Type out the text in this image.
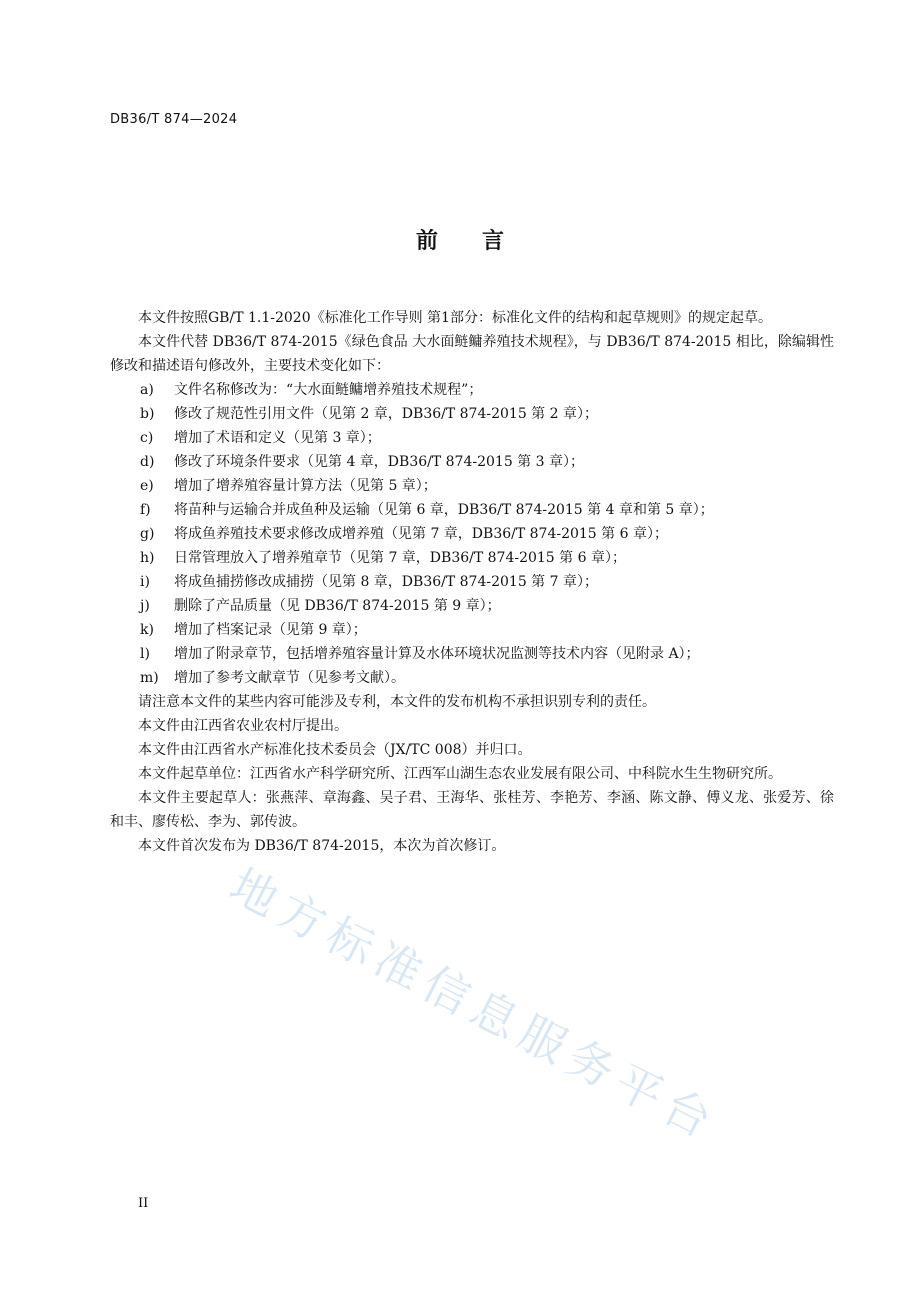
DB36/T 874—2024
前 言

本文件按照GB/T 1.1-2020《标准化工作导则 第1部分：标准化文件的结构和起草规则》的规定起草。

本文件代替 DB36/T 874-2015《绿色食品 大水面鲢鳙养殖技术规程》，与 DB36/T 874-2015 相比，除编辑性修改和描述语句修改外，主要技术变化如下：

a)	文件名称修改为：“大水面鲢鳙增养殖技术规程”；
b)	修改了规范性引用文件（见第 2 章，DB36/T 874-2015 第 2 章）；
c)	增加了术语和定义（见第 3 章）；
d)	修改了环境条件要求（见第 4 章，DB36/T 874-2015 第 3 章）；
e)	增加了增养殖容量计算方法（见第 5 章）；
f)	将苗种与运输合并成鱼种及运输（见第 6 章，DB36/T 874-2015 第 4 章和第 5 章）；
g)	将成鱼养殖技术要求修改成增养殖（见第 7 章，DB36/T 874-2015 第 6 章）；
h)	日常管理放入了增养殖章节（见第 7 章，DB36/T 874-2015 第 6 章）；
i)	将成鱼捕捞修改成捕捞（见第 8 章，DB36/T 874-2015 第 7 章）；
j)	删除了产品质量（见 DB36/T 874-2015 第 9 章）；
k)	增加了档案记录（见第 9 章）；
l)	增加了附录章节，包括增养殖容量计算及水体环境状况监测等技术内容（见附录 A）；
m)	增加了参考文献章节（见参考文献）。

请注意本文件的某些内容可能涉及专利，本文件的发布机构不承担识别专利的责任。

本文件由江西省农业农村厅提出。

本文件由江西省水产标准化技术委员会（JX/TC 008）并归口。

本文件起草单位：江西省水产科学研究所、江西军山湖生态农业发展有限公司、中科院水生生物研究所。

本文件主要起草人：张燕萍、章海鑫、吴子君、王海华、张桂芳、李艳芳、李涵、陈文静、傅义龙、张爱芳、徐和丰、廖传松、李为、郭传波。

本文件首次发布为 DB36/T 874-2015，本次为首次修订。

地方标准信息服务平台
II
